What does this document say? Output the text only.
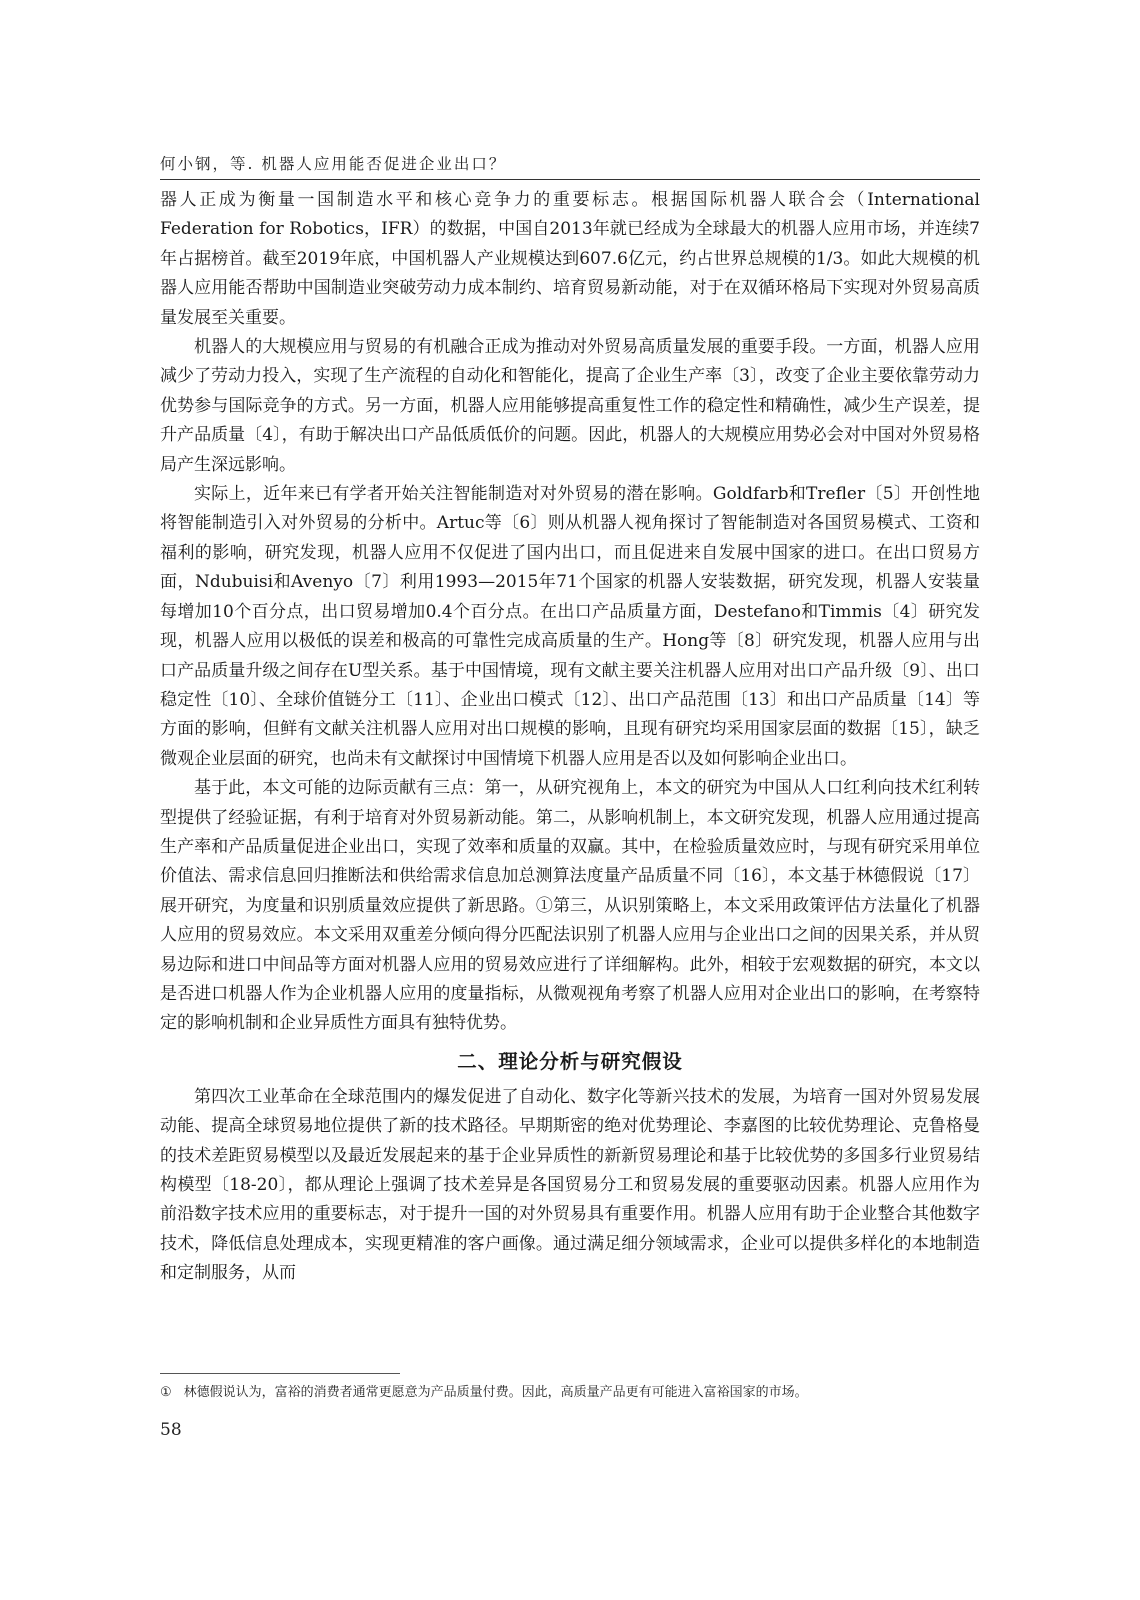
何小钢，等. 机器人应用能否促进企业出口？

器人正成为衡量一国制造水平和核心竞争力的重要标志。根据国际机器人联合会（International Federation for Robotics，IFR）的数据，中国自2013年就已经成为全球最大的机器人应用市场，并连续7年占据榜首。截至2019年底，中国机器人产业规模达到607.6亿元，约占世界总规模的1/3。如此大规模的机器人应用能否帮助中国制造业突破劳动力成本制约、培育贸易新动能，对于在双循环格局下实现对外贸易高质量发展至关重要。

机器人的大规模应用与贸易的有机融合正成为推动对外贸易高质量发展的重要手段。一方面，机器人应用减少了劳动力投入，实现了生产流程的自动化和智能化，提高了企业生产率〔3〕，改变了企业主要依靠劳动力优势参与国际竞争的方式。另一方面，机器人应用能够提高重复性工作的稳定性和精确性，减少生产误差，提升产品质量〔4〕，有助于解决出口产品低质低价的问题。因此，机器人的大规模应用势必会对中国对外贸易格局产生深远影响。

实际上，近年来已有学者开始关注智能制造对对外贸易的潜在影响。Goldfarb和Trefler〔5〕开创性地将智能制造引入对外贸易的分析中。Artuc等〔6〕则从机器人视角探讨了智能制造对各国贸易模式、工资和福利的影响，研究发现，机器人应用不仅促进了国内出口，而且促进来自发展中国家的进口。在出口贸易方面，Ndubuisi和Avenyo〔7〕利用1993—2015年71个国家的机器人安装数据，研究发现，机器人安装量每增加10个百分点，出口贸易增加0.4个百分点。在出口产品质量方面，Destefano和Timmis〔4〕研究发现，机器人应用以极低的误差和极高的可靠性完成高质量的生产。Hong等〔8〕研究发现，机器人应用与出口产品质量升级之间存在U型关系。基于中国情境，现有文献主要关注机器人应用对出口产品升级〔9〕、出口稳定性〔10〕、全球价值链分工〔11〕、企业出口模式〔12〕、出口产品范围〔13〕和出口产品质量〔14〕等方面的影响，但鲜有文献关注机器人应用对出口规模的影响，且现有研究均采用国家层面的数据〔15〕，缺乏微观企业层面的研究，也尚未有文献探讨中国情境下机器人应用是否以及如何影响企业出口。

基于此，本文可能的边际贡献有三点：第一，从研究视角上，本文的研究为中国从人口红利向技术红利转型提供了经验证据，有利于培育对外贸易新动能。第二，从影响机制上，本文研究发现，机器人应用通过提高生产率和产品质量促进企业出口，实现了效率和质量的双赢。其中，在检验质量效应时，与现有研究采用单位价值法、需求信息回归推断法和供给需求信息加总测算法度量产品质量不同〔16〕，本文基于林德假说〔17〕展开研究，为度量和识别质量效应提供了新思路。①第三，从识别策略上，本文采用政策评估方法量化了机器人应用的贸易效应。本文采用双重差分倾向得分匹配法识别了机器人应用与企业出口之间的因果关系，并从贸易边际和进口中间品等方面对机器人应用的贸易效应进行了详细解构。此外，相较于宏观数据的研究，本文以是否进口机器人作为企业机器人应用的度量指标，从微观视角考察了机器人应用对企业出口的影响，在考察特定的影响机制和企业异质性方面具有独特优势。

二、理论分析与研究假设

第四次工业革命在全球范围内的爆发促进了自动化、数字化等新兴技术的发展，为培育一国对外贸易发展动能、提高全球贸易地位提供了新的技术路径。早期斯密的绝对优势理论、李嘉图的比较优势理论、克鲁格曼的技术差距贸易模型以及最近发展起来的基于企业异质性的新新贸易理论和基于比较优势的多国多行业贸易结构模型〔18-20〕，都从理论上强调了技术差异是各国贸易分工和贸易发展的重要驱动因素。机器人应用作为前沿数字技术应用的重要标志，对于提升一国的对外贸易具有重要作用。机器人应用有助于企业整合其他数字技术，降低信息处理成本，实现更精准的客户画像。通过满足细分领域需求，企业可以提供多样化的本地制造和定制服务，从而

① 林德假说认为，富裕的消费者通常更愿意为产品质量付费。因此，高质量产品更有可能进入富裕国家的市场。
58
